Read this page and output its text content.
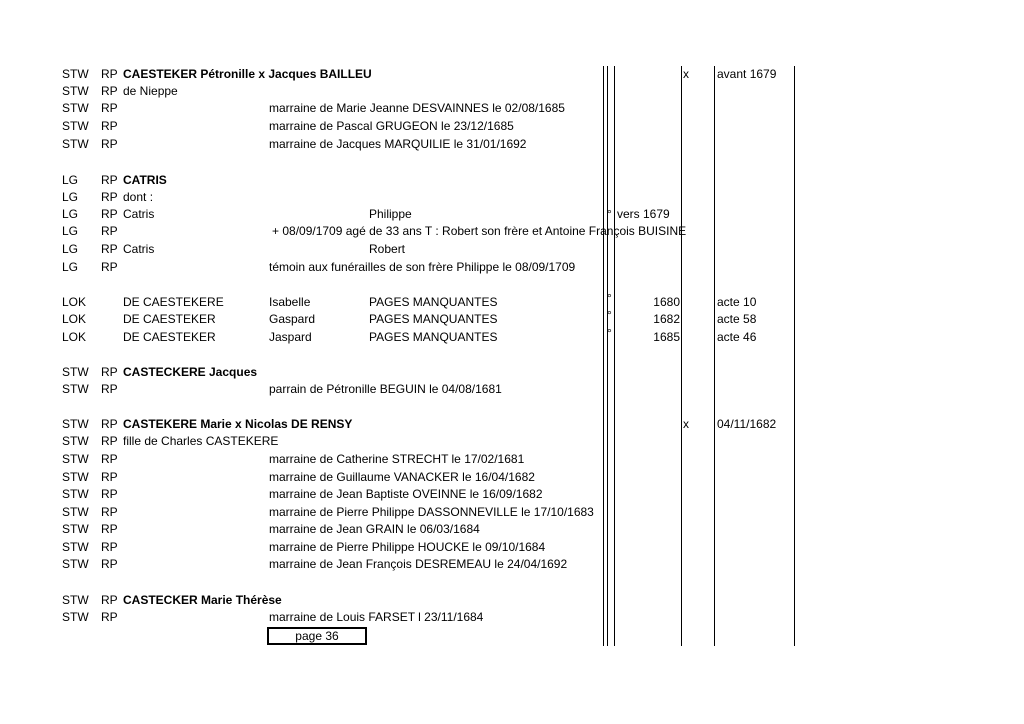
STW RP CAESTEKER Pétronille x Jacques BAILLEU	x avant 1679
STW RP de Nieppe
STW RP	marraine de Marie Jeanne DESVAINNES le 02/08/1685
STW RP	marraine de Pascal GRUGEON le 23/12/1685
STW RP	marraine de Jacques MARQUILIE le 31/01/1692
LG RP CATRIS
LG RP dont :
LG RP Catris	Philippe	° vers 1679
LG RP	+ 08/09/1709 agé de 33 ans T : Robert son frère et Antoine François BUISINE
LG RP Catris	Robert
LG RP	témoin aux funérailles de son frère Philippe le 08/09/1709
LOK	DE CAESTEKERE	Isabelle	PAGES MANQUANTES	°	1680	acte 10
LOK	DE CAESTEKER	Gaspard	PAGES MANQUANTES	°	1682	acte 58
LOK	DE CAESTEKER	Jaspard	PAGES MANQUANTES	°	1685	acte 46
STW RP CASTECKERE Jacques
STW RP	parrain de Pétronille BEGUIN le 04/08/1681
STW RP CASTEKERE Marie x Nicolas DE RENSY	x 04/11/1682
STW RP fille de Charles CASTEKERE
STW RP	marraine de Catherine STRECHT le 17/02/1681
STW RP	marraine de Guillaume VANACKER le 16/04/1682
STW RP	marraine de Jean Baptiste OVEINNE le 16/09/1682
STW RP	marraine de Pierre Philippe DASSONNEVILLE le 17/10/1683
STW RP	marraine de Jean GRAIN le 06/03/1684
STW RP	marraine de Pierre Philippe HOUCKE le 09/10/1684
STW RP	marraine de Jean François DESREMEAU le 24/04/1692
STW RP CASTECKER Marie Thérèse
STW RP	marraine de Louis FARSET l 23/11/1684
page 36
